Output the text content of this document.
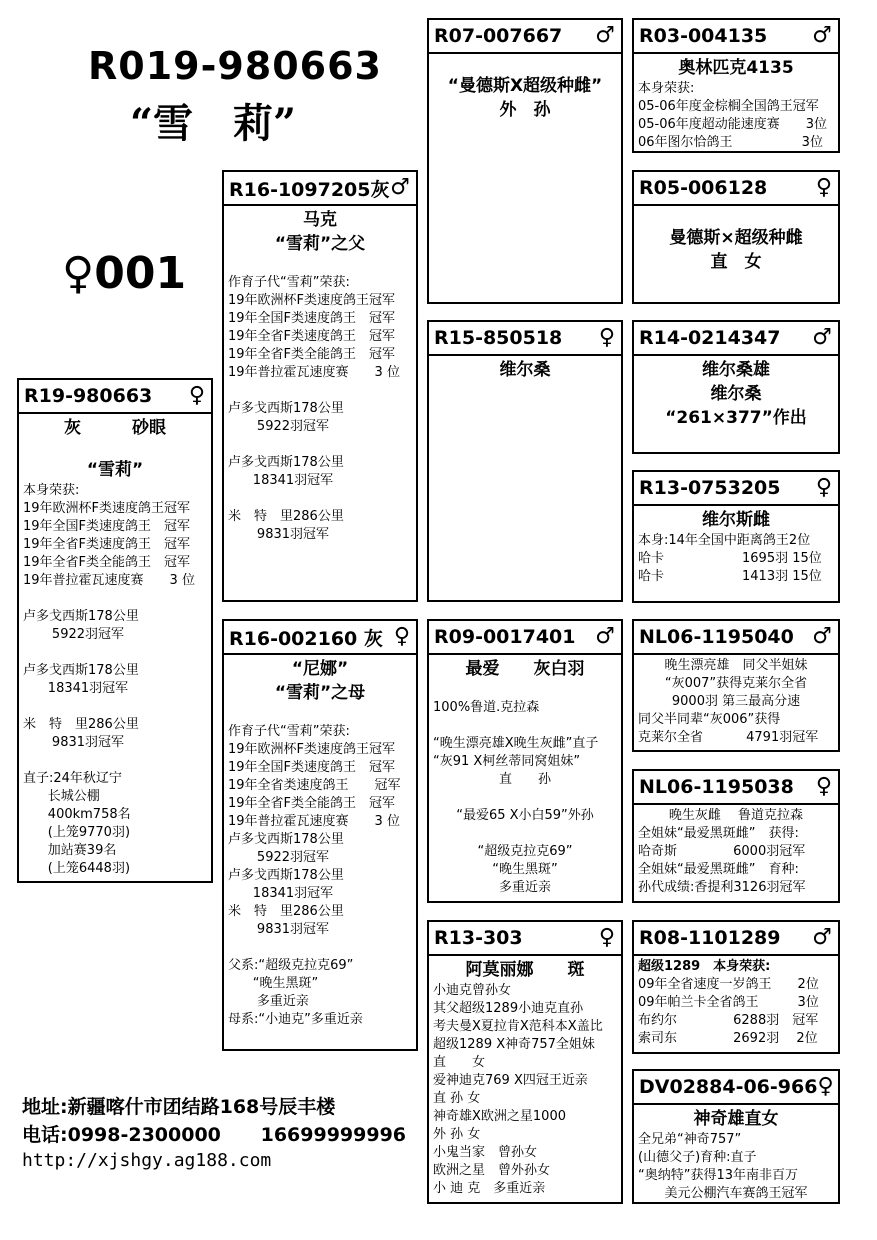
R019-980663
“雪　莉”
♀001
R19-980663 ♀
灰　　　砂眼

“雪莉”
本身荣获:
19年欧洲杯F类速度鸽王冠军
19年全国F类速度鸽王　冠军
19年全省F类速度鸽王　冠军
19年全省F类全能鸽王　冠军
19年普拉霍瓦速度赛　　3 位

卢多戈西斯178公里
5922羽冠军

卢多戈西斯178公里
18341羽冠军

米　特　里286公里
9831羽冠军

直子:24年秋辽宁
长城公棚
400km758名
(上笼9770羽)
加站赛39名
(上笼6448羽)
R16-1097205灰 ♂
马克
“雪莉”之父

作育子代“雪莉”荣获:
19年欧洲杯F类速度鸽王冠军
19年全国F类速度鸽王　冠军
19年全省F类速度鸽王　冠军
19年全省F类全能鸽王　冠军
19年普拉霍瓦速度赛　　3 位

卢多戈西斯178公里
5922羽冠军

卢多戈西斯178公里
18341羽冠军

米　特　里286公里
9831羽冠军
R16-002160 灰 ♀
“尼娜”
“雪莉”之母

作育子代“雪莉”荣获:
19年欧洲杯F类速度鸽王冠军
19年全国F类速度鸽王　冠军
19年全省类速度鸽王　　冠军
19年全省F类全能鸽王　冠军
19年普拉霍瓦速度赛　　3 位
卢多戈西斯178公里
5922羽冠军
卢多戈西斯178公里
18341羽冠军
米　特　里286公里
9831羽冠军

父系:“超级克拉克69”
“晚生黑斑”
多重近亲
母系:“小迪克”多重近亲
R07-007667 ♂

“曼德斯X超级种雌”
外　孙
R15-850518 ♀
维尔桑
R09-0017401 ♂
最爱　　灰白羽

100%鲁道.克拉森

“晚生漂亮雄X晚生灰雌”直子
“灰91 X柯丝蒂同窝姐妹”
直　　孙

“最爱65 X小白59”外孙

“超级克拉克69”
“晚生黑斑”
多重近亲
R13-303	♀
阿莫丽娜　　斑
小迪克曾孙女
其父超级1289小迪克直孙
考夫曼X夏拉肯X范科本X盖比
超级1289 X神奇757全姐妹
直　　女
爱神迪克769 X四冠王近亲
直 孙 女
神奇雄X欧洲之星1000
外 孙 女
小鬼当家　曾孙女
欧洲之星　曾外孙女
小 迪 克　多重近亲
R03-004135 ♂
奥林匹克4135
本身荣获:
05-06年度金棕榈全国鸽王冠军
05-06年度超动能速度赛　　3位
06年图尔恰鸽王　　　　　 3位
R05-006128 ♀

曼德斯×超级种雌
直　女
R14-0214347 ♂
维尔桑雄
维尔桑
“261×377”作出
R13-0753205 ♀
维尔斯雌
本身:14年全国中距离鸽王2位
哈卡　　　　　　1695羽 15位
哈卡　　　　　　1413羽 15位
NL06-1195040 ♂
晚生漂亮雄　同父半姐妹
“灰007”获得克莱尔全省
9000羽 第三最高分速
同父半同辈“灰006”获得
克莱尔全省　　　 4791羽冠军
NL06-1195038 ♀
晚生灰雌　 鲁道克拉森
全姐妹“最爱黑斑雌”　获得:
哈奇斯　　　　 6000羽冠军
全姐妹“最爱黑斑雌”　育种:
孙代成绩:香提利3126羽冠军
R08-1101289 ♂
超级1289　本身荣获:
09年全省速度一岁鸽王　　2位
09年帕兰卡全省鸽王　　　3位
布约尔　　　　 6288羽　冠军
索司东　　　　 2692羽　 2位
DV02884-06-966 ♀
神奇雄直女
全兄弟“神奇757”
(山德父子)育种:直子
“奥纳特”获得13年南非百万
美元公棚汽车赛鸽王冠军
地址:新疆喀什市团结路168号辰丰楼
电话:0998-2300000      16699999996
http://xjshgy.ag188.com
